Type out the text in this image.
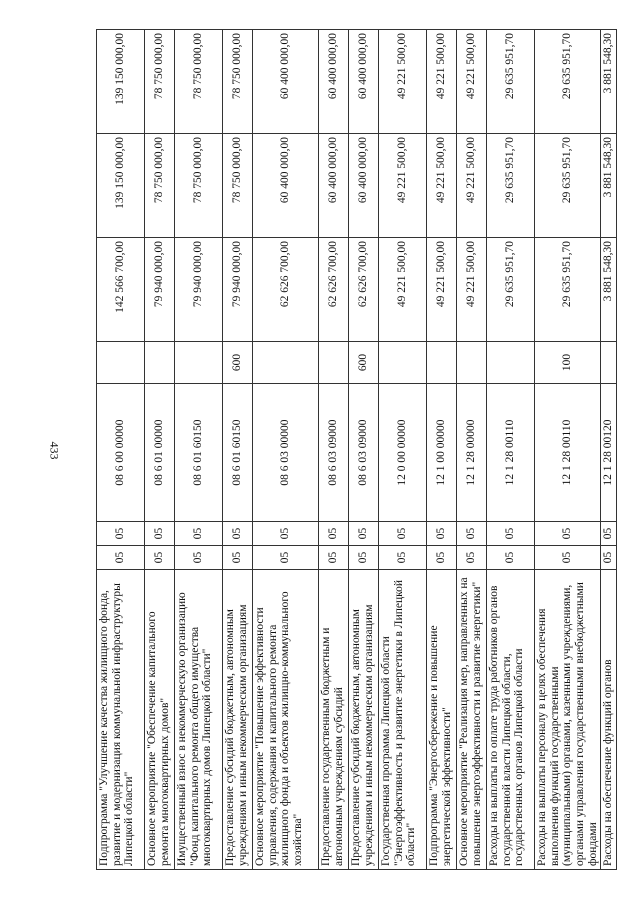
433
Подпрограмма "Улучшение качества жилищного фонда, развитие и модернизация коммунальной инфраструктуры Липецкой области"	05	05	08 6 00 00000		142 566 700,00	139 150 000,00	139 150 000,00
Основное мероприятие "Обеспечение капитального ремонта многоквартирных домов"	05	05	08 6 01 00000		79 940 000,00	78 750 000,00	78 750 000,00
Имущественный взнос в некоммерческую организацию "Фонд капитального ремонта общего имущества многоквартирных домов Липецкой области"	05	05	08 6 01 60150		79 940 000,00	78 750 000,00	78 750 000,00
Предоставление субсидий бюджетным, автономным учреждениям и иным некоммерческим организациям	05	05	08 6 01 60150	600	79 940 000,00	78 750 000,00	78 750 000,00
Основное мероприятие "Повышение эффективности управления, содержания и капитального ремонта жилищного фонда и объектов жилищно-коммунального хозяйства"	05	05	08 6 03 00000		62 626 700,00	60 400 000,00	60 400 000,00
Предоставление государственным бюджетным и автономным учреждениям субсидий	05	05	08 6 03 09000		62 626 700,00	60 400 000,00	60 400 000,00
Предоставление субсидий бюджетным, автономным учреждениям и иным некоммерческим организациям	05	05	08 6 03 09000	600	62 626 700,00	60 400 000,00	60 400 000,00
Государственная программа Липецкой области "Энергоэффективность и развитие энергетики в Липецкой области"	05	05	12 0 00 00000		49 221 500,00	49 221 500,00	49 221 500,00
Подпрограмма "Энергосбережение и повышение энергетической эффективности"	05	05	12 1 00 00000		49 221 500,00	49 221 500,00	49 221 500,00
Основное мероприятие "Реализация мер, направленных на повышение энергоэффективности и развитие энергетики"	05	05	12 1 28 00000		49 221 500,00	49 221 500,00	49 221 500,00
Расходы на выплаты по оплате труда работников органов государственной власти Липецкой области, государственных органов Липецкой области	05	05	12 1 28 00110		29 635 951,70	29 635 951,70	29 635 951,70
Расходы на выплаты персоналу в целях обеспечения выполнения функций государственными (муниципальными) органами, казенными учреждениями, органами управления государственными внебюджетными фондами	05	05	12 1 28 00110	100	29 635 951,70	29 635 951,70	29 635 951,70
Расходы на обеспечение функций органов	05	05	12 1 28 00120		3 881 548,30	3 881 548,30	3 881 548,30
